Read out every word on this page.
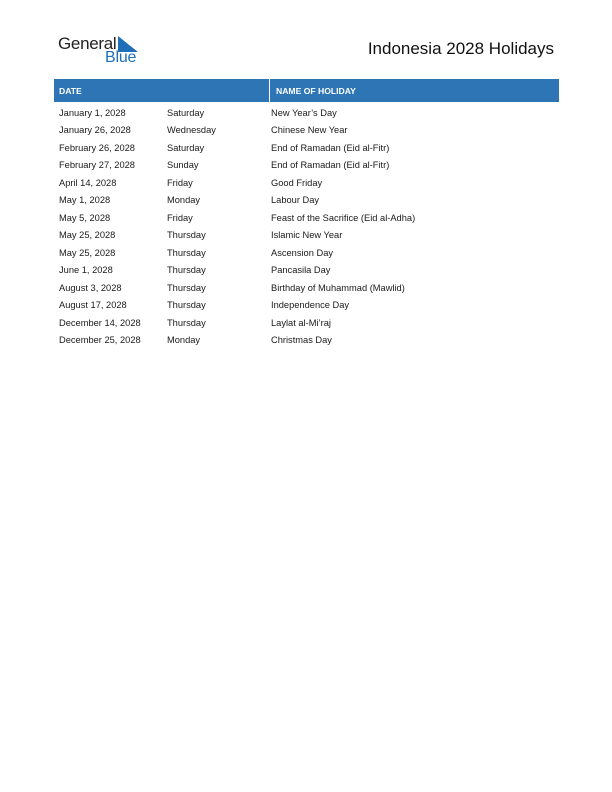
General
Blue	Indonesia 2028 Holidays
DATE	NAME OF HOLIDAY
January 1, 2028	Saturday	New Year’s Day
January 26, 2028	Wednesday	Chinese New Year
February 26, 2028	Saturday	End of Ramadan (Eid al-Fitr)
February 27, 2028	Sunday	End of Ramadan (Eid al-Fitr)
April 14, 2028	Friday	Good Friday
May 1, 2028	Monday	Labour Day
May 5, 2028	Friday	Feast of the Sacrifice (Eid al-Adha)
May 25, 2028	Thursday	Islamic New Year
May 25, 2028	Thursday	Ascension Day
June 1, 2028	Thursday	Pancasila Day
August 3, 2028	Thursday	Birthday of Muhammad (Mawlid)
August 17, 2028	Thursday	Independence Day
December 14, 2028	Thursday	Laylat al-Mi’raj
December 25, 2028	Monday	Christmas Day
